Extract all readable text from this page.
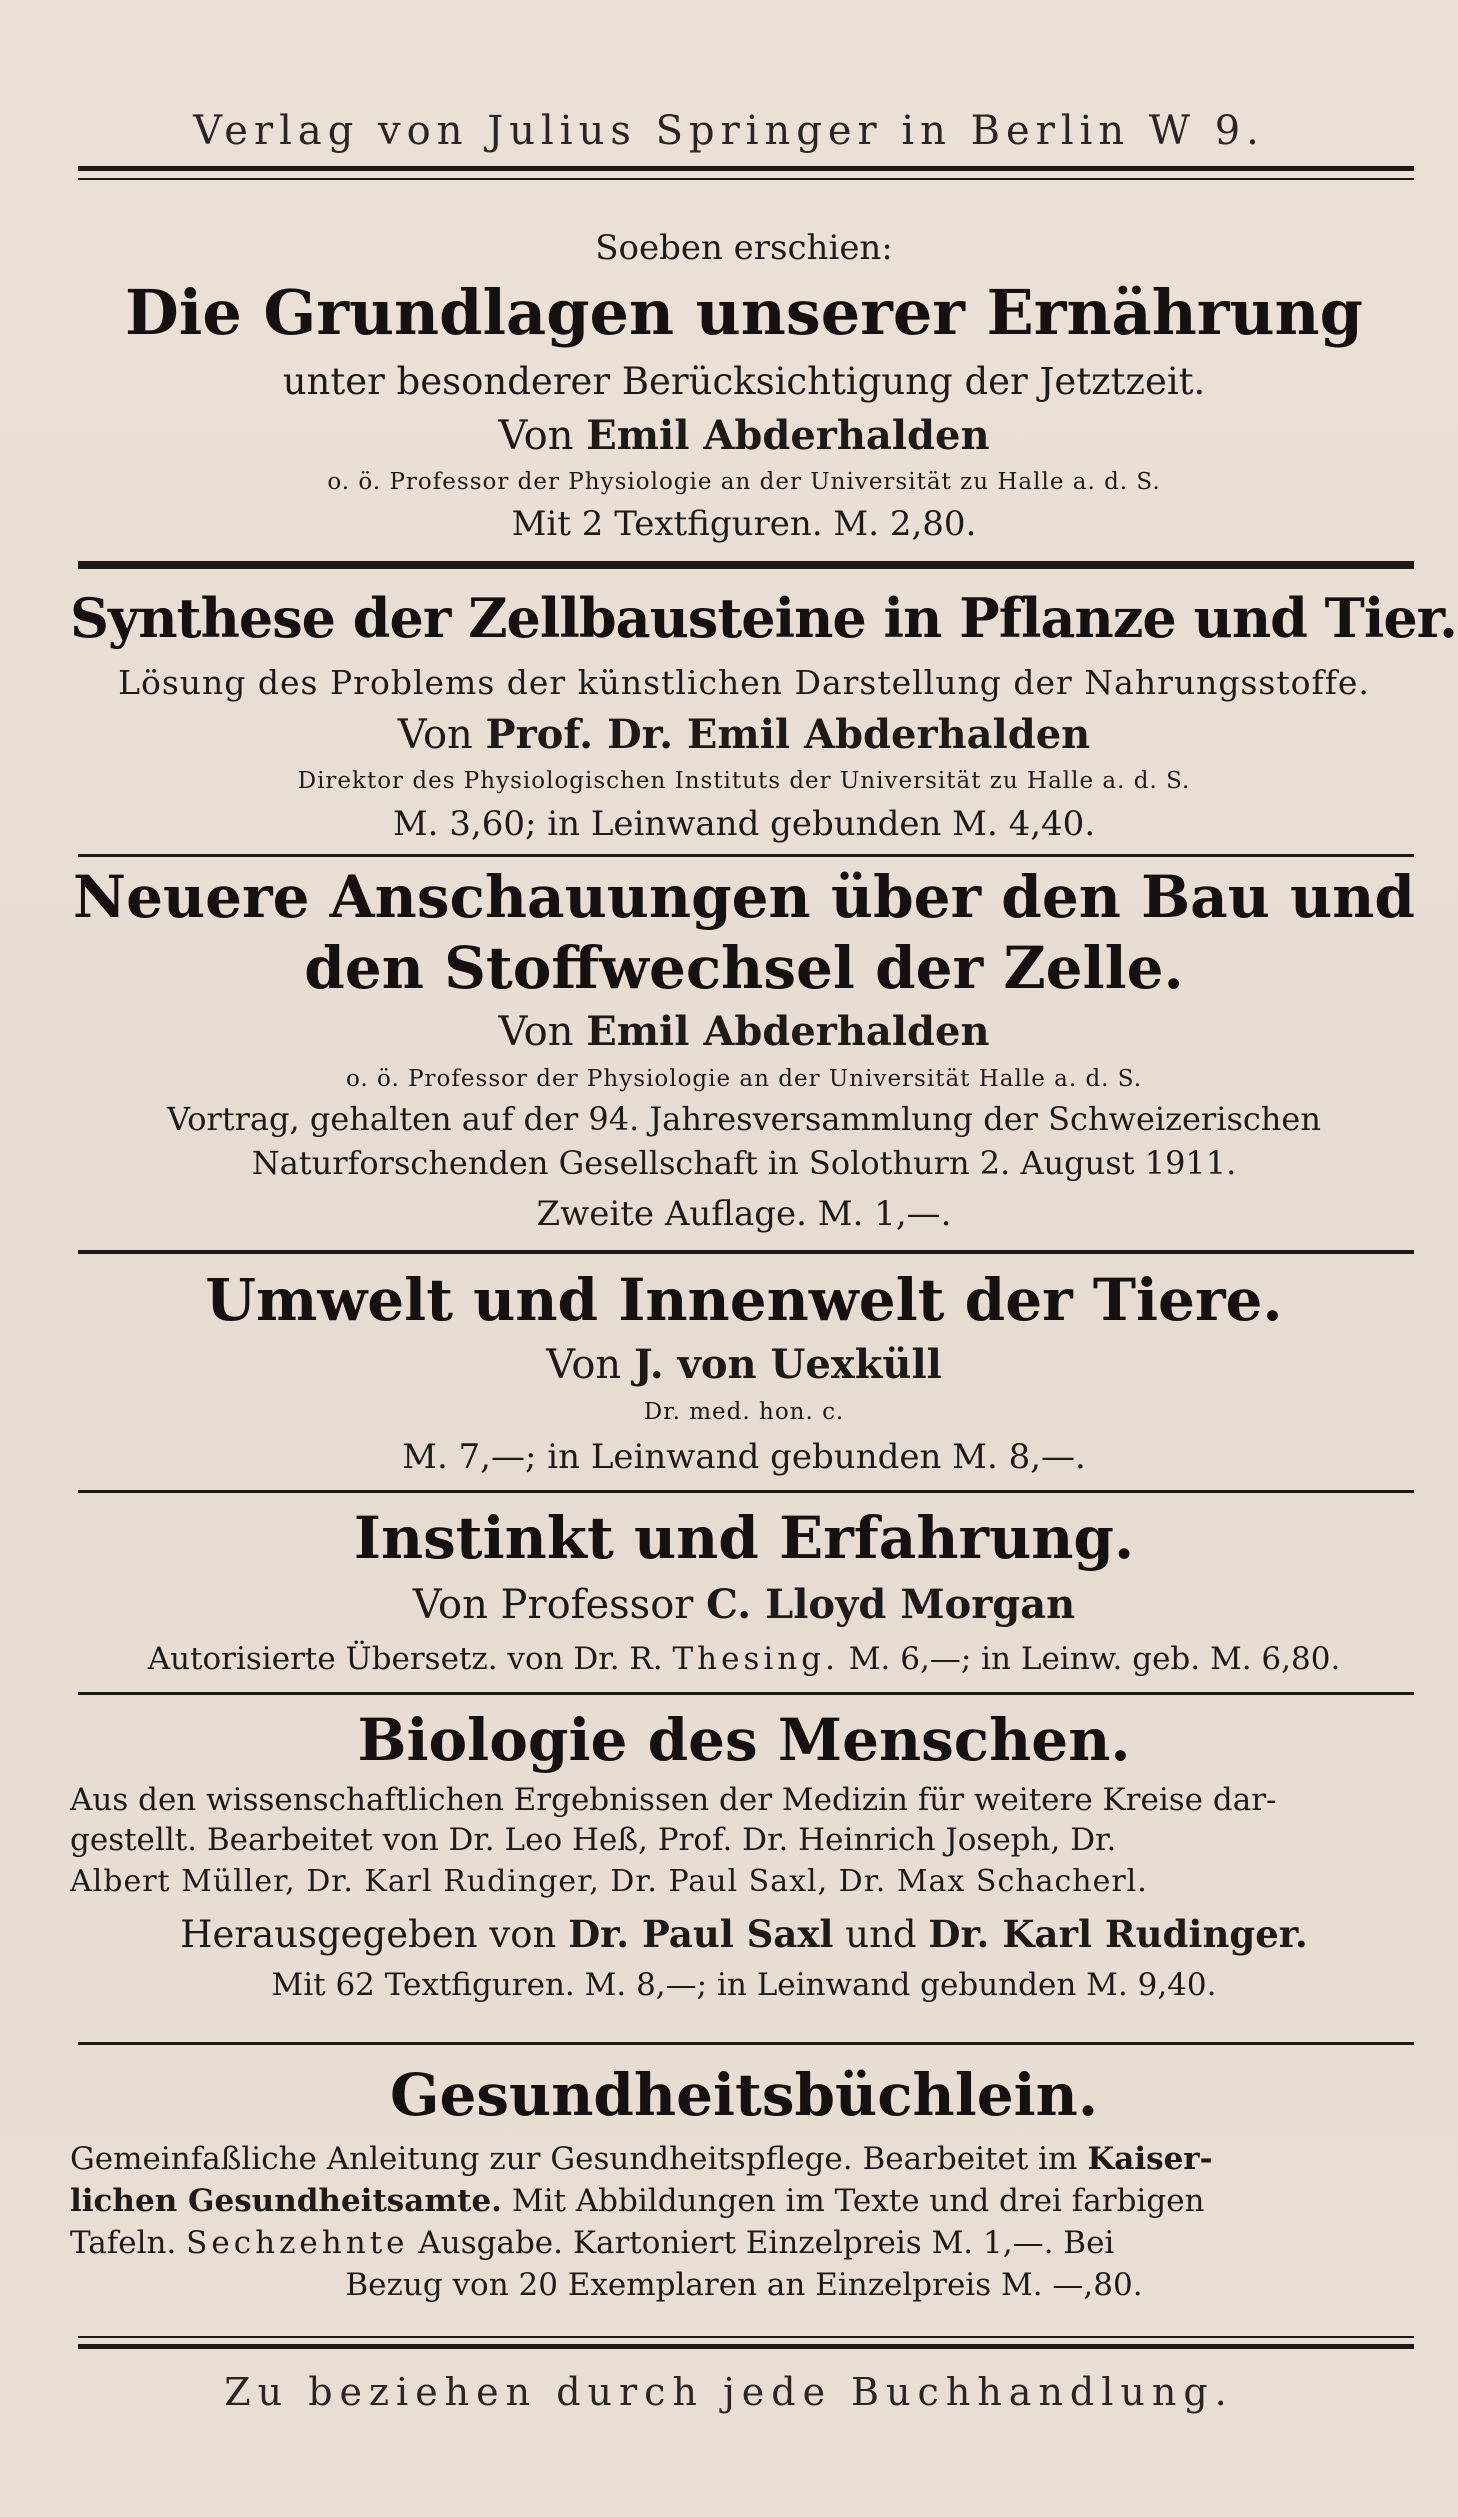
Verlag von Julius Springer in Berlin W 9.
Soeben erschien:
Die Grundlagen unserer Ernährung
unter besonderer Berücksichtigung der Jetztzeit.
Von Emil Abderhalden
o. ö. Professor der Physiologie an der Universität zu Halle a. d. S.
Mit 2 Textfiguren. M. 2,80.
Synthese der Zellbausteine in Pflanze und Tier.
Lösung des Problems der künstlichen Darstellung der Nahrungsstoffe.
Von Prof. Dr. Emil Abderhalden
Direktor des Physiologischen Instituts der Universität zu Halle a. d. S.
M. 3,60; in Leinwand gebunden M. 4,40.
Neuere Anschauungen über den Bau und
den Stoffwechsel der Zelle.
Von Emil Abderhalden
o. ö. Professor der Physiologie an der Universität Halle a. d. S.
Vortrag, gehalten auf der 94. Jahresversammlung der Schweizerischen
Naturforschenden Gesellschaft in Solothurn 2. August 1911.
Zweite Auflage. M. 1,—.
Umwelt und Innenwelt der Tiere.
Von J. von Uexküll
Dr. med. hon. c.
M. 7,—; in Leinwand gebunden M. 8,—.
Instinkt und Erfahrung.
Von Professor C. Lloyd Morgan
Autorisierte Übersetz. von Dr. R. Thesing. M. 6,—; in Leinw. geb. M. 6,80.
Biologie des Menschen.
Aus den wissenschaftlichen Ergebnissen der Medizin für weitere Kreise dar-
gestellt. Bearbeitet von Dr. Leo Heß, Prof. Dr. Heinrich Joseph, Dr.
Albert Müller, Dr. Karl Rudinger, Dr. Paul Saxl, Dr. Max Schacherl.
Herausgegeben von Dr. Paul Saxl und Dr. Karl Rudinger.
Mit 62 Textfiguren. M. 8,—; in Leinwand gebunden M. 9,40.
Gesundheitsbüchlein.
Gemeinfaßliche Anleitung zur Gesundheitspflege. Bearbeitet im Kaiser-
lichen Gesundheitsamte. Mit Abbildungen im Texte und drei farbigen
Tafeln. Sechzehnte Ausgabe. Kartoniert Einzelpreis M. 1,—. Bei
Bezug von 20 Exemplaren an Einzelpreis M. —,80.
Zu beziehen durch jede Buchhandlung.
